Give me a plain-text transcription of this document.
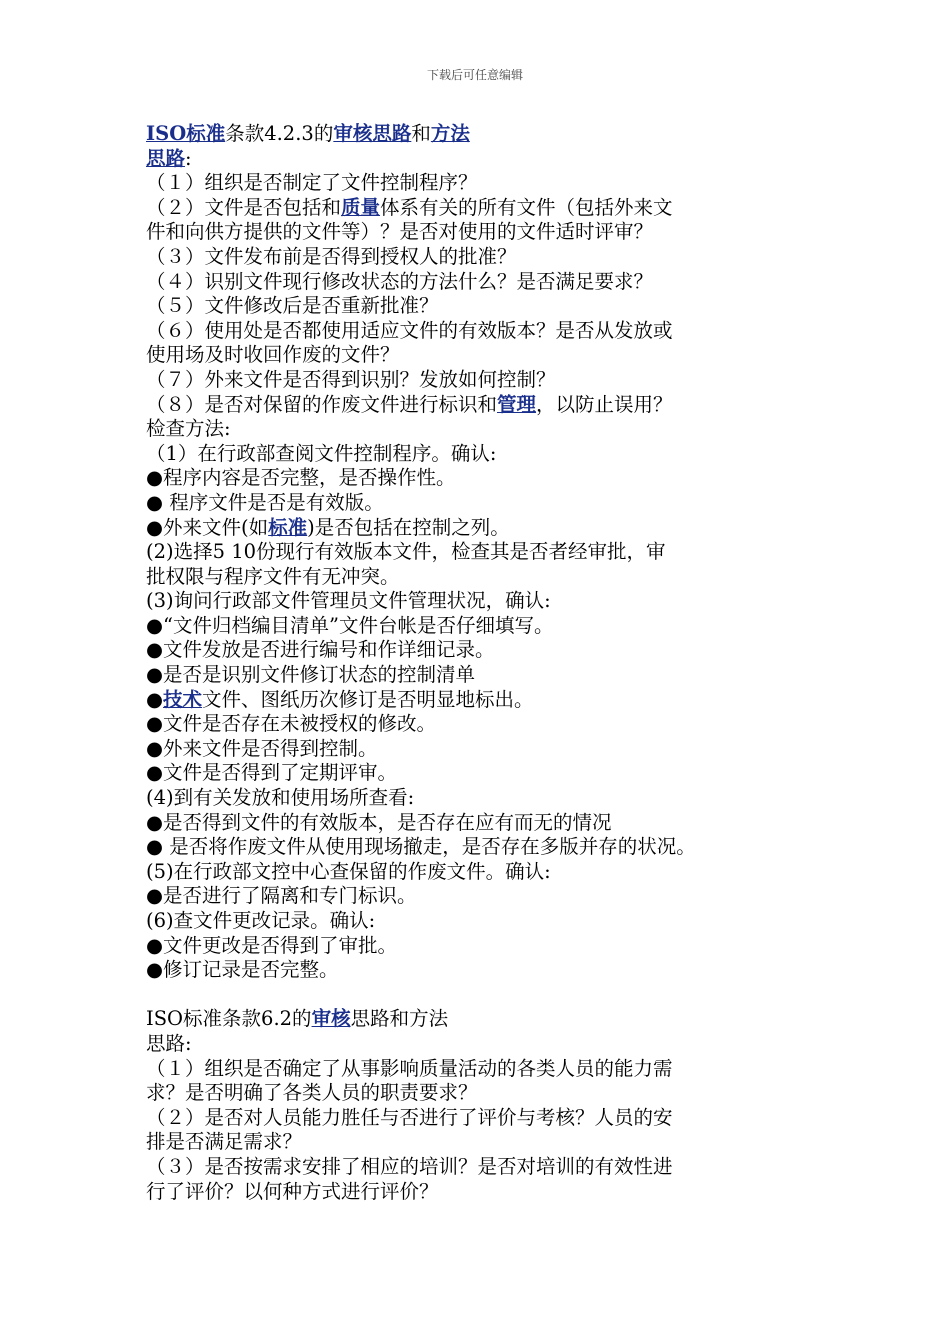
下载后可任意编辑
ISO标准条款4.2.3的审核思路和方法
思路:
（１）组织是否制定了文件控制程序？
（２）文件是否包括和质量体系有关的所有文件（包括外来文
件和向供方提供的文件等）？是否对使用的文件适时评审？
（３）文件发布前是否得到授权人的批准？
（４）识别文件现行修改状态的方法什么？是否满足要求？
（５）文件修改后是否重新批准？
（６）使用处是否都使用适应文件的有效版本？是否从发放或
使用场及时收回作废的文件？
（７）外来文件是否得到识别？发放如何控制？
（８）是否对保留的作废文件进行标识和管理，以防止误用？
检查方法:
（1）在行政部查阅文件控制程序。确认:
●程序内容是否完整，是否操作性。
● 程序文件是否是有效版。
●外来文件(如标准)是否包括在控制之列。
(2)选择5 10份现行有效版本文件，检查其是否者经审批，审
批权限与程序文件有无冲突。
(3)询问行政部文件管理员文件管理状况，确认:
●“文件归档编目清单”文件台帐是否仔细填写。
●文件发放是否进行编号和作详细记录。
●是否是识别文件修订状态的控制清单
●技术文件、图纸历次修订是否明显地标出。
●文件是否存在未被授权的修改。
●外来文件是否得到控制。
●文件是否得到了定期评审。
(4)到有关发放和使用场所查看:
●是否得到文件的有效版本，是否存在应有而无的情况
● 是否将作废文件从使用现场撤走，是否存在多版并存的状况。
(5)在行政部文控中心查保留的作废文件。确认:
●是否进行了隔离和专门标识。
(6)查文件更改记录。确认:
●文件更改是否得到了审批。
●修订记录是否完整。
ISO标准条款6.2的审核思路和方法
思路:
（１）组织是否确定了从事影响质量活动的各类人员的能力需
求？是否明确了各类人员的职责要求？
（２）是否对人员能力胜任与否进行了评价与考核？人员的安
排是否满足需求？
（３）是否按需求安排了相应的培训？是否对培训的有效性进
行了评价？以何种方式进行评价？
